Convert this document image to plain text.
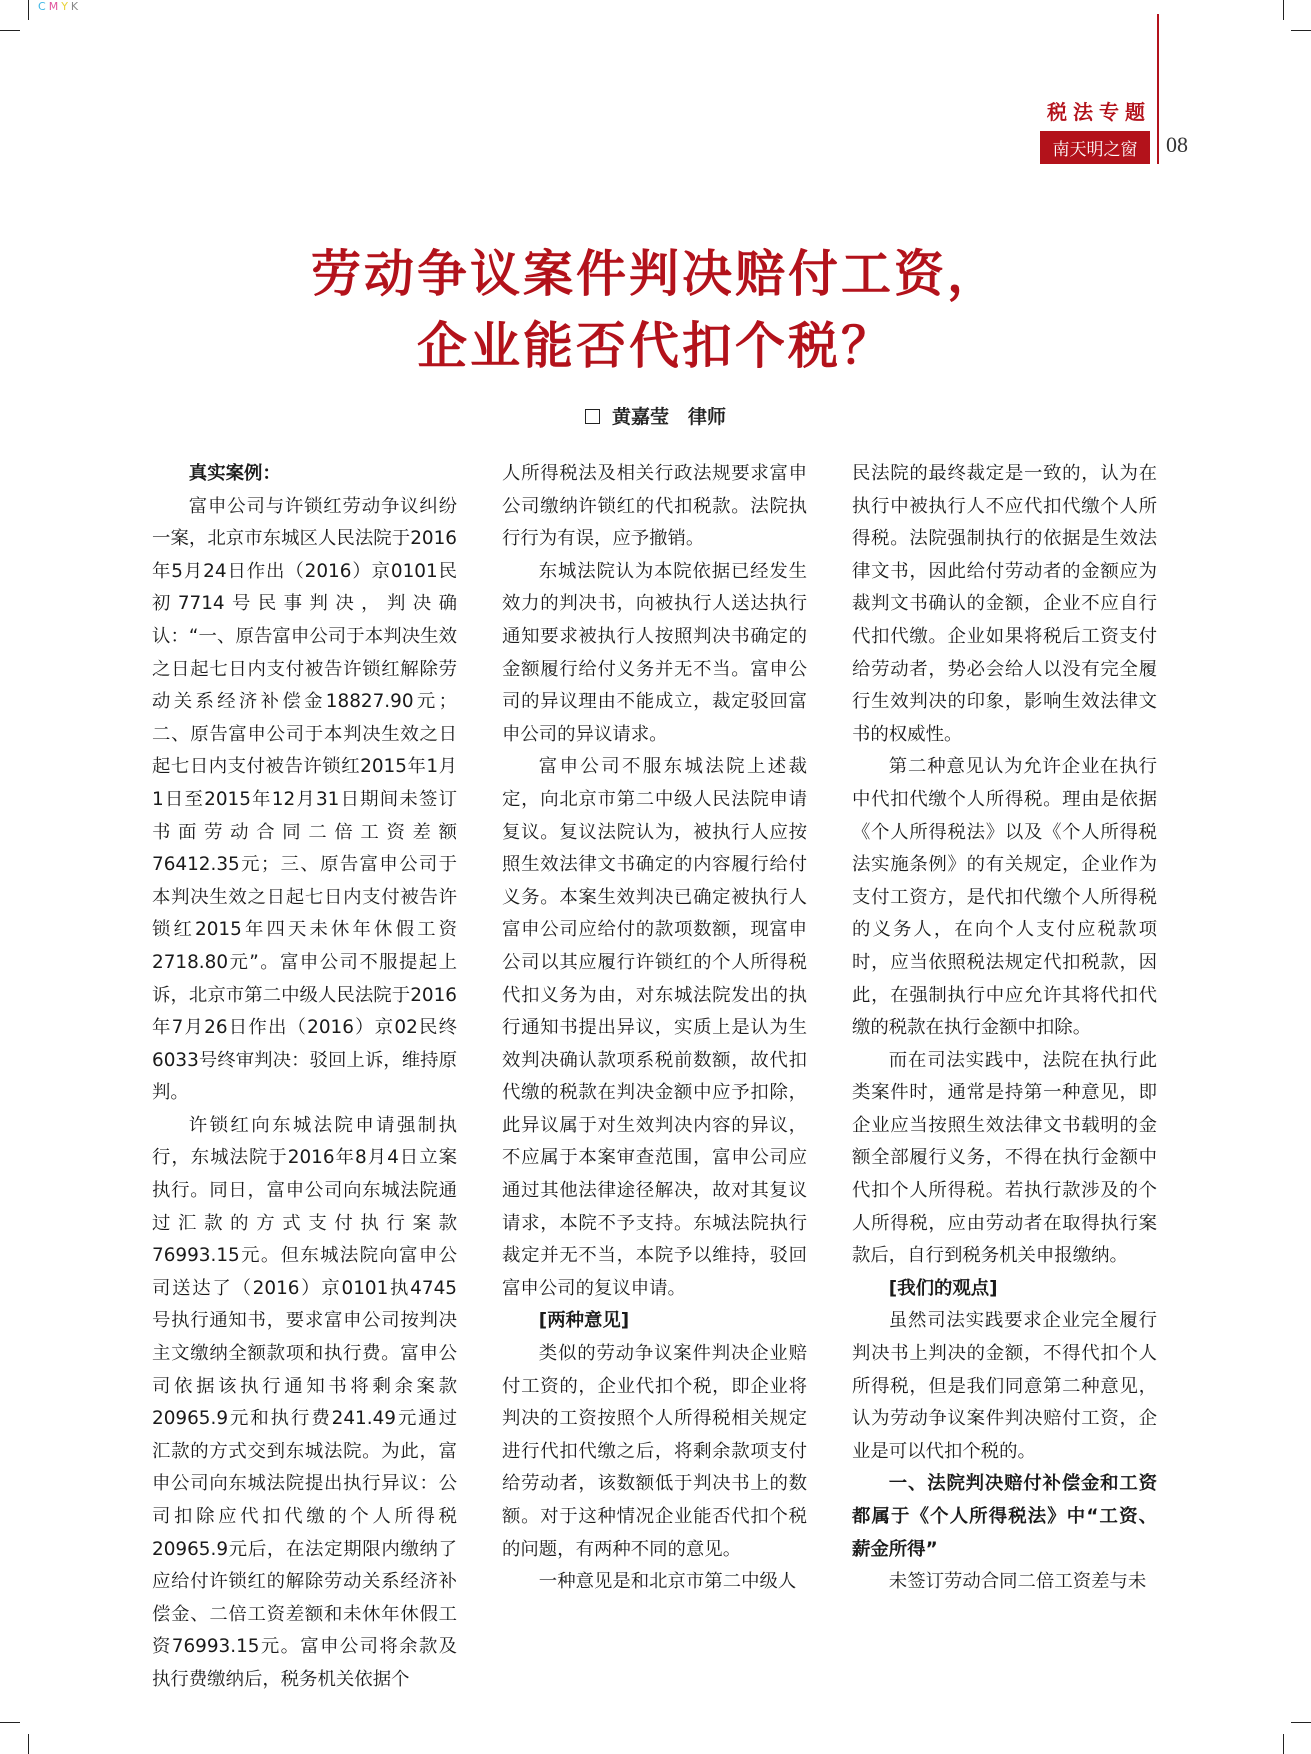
CMYK
税法专题
南天明之窗	08
劳动争议案件判决赔付工资，
企业能否代扣个税？
黄嘉莹　律师

真实案例：

富申公司与许锁红劳动争议纠纷一案，北京市东城区人民法院于2016年5月24日作出（2016）京0101民初7714号民事判决，判决确认：“一、原告富申公司于本判决生效之日起七日内支付被告许锁红解除劳动关系经济补偿金18827.90元；二、原告富申公司于本判决生效之日起七日内支付被告许锁红2015年1月1日至2015年12月31日期间未签订书面劳动合同二倍工资差额76412.35元；三、原告富申公司于本判决生效之日起七日内支付被告许锁红2015年四天未休年休假工资2718.80元”。富申公司不服提起上诉，北京市第二中级人民法院于2016年7月26日作出（2016）京02民终6033号终审判决：驳回上诉，维持原判。

许锁红向东城法院申请强制执行，东城法院于2016年8月4日立案执行。同日，富申公司向东城法院通过汇款的方式支付执行案款76993.15元。但东城法院向富申公司送达了（2016）京0101执4745号执行通知书，要求富申公司按判决主文缴纳全额款项和执行费。富申公司依据该执行通知书将剩余案款20965.9元和执行费241.49元通过汇款的方式交到东城法院。为此，富申公司向东城法院提出执行异议：公司扣除应代扣代缴的个人所得税20965.9元后，在法定期限内缴纳了应给付许锁红的解除劳动关系经济补偿金、二倍工资差额和未休年休假工资76993.15元。富申公司将余款及执行费缴纳后，税务机关依据个

人所得税法及相关行政法规要求富申公司缴纳许锁红的代扣税款。法院执行行为有误，应予撤销。

东城法院认为本院依据已经发生效力的判决书，向被执行人送达执行通知要求被执行人按照判决书确定的金额履行给付义务并无不当。富申公司的异议理由不能成立，裁定驳回富申公司的异议请求。

富申公司不服东城法院上述裁定，向北京市第二中级人民法院申请复议。复议法院认为，被执行人应按照生效法律文书确定的内容履行给付义务。本案生效判决已确定被执行人富申公司应给付的款项数额，现富申公司以其应履行许锁红的个人所得税代扣义务为由，对东城法院发出的执行通知书提出异议，实质上是认为生效判决确认款项系税前数额，故代扣代缴的税款在判决金额中应予扣除，此异议属于对生效判决内容的异议，不应属于本案审查范围，富申公司应通过其他法律途径解决，故对其复议请求，本院不予支持。东城法院执行裁定并无不当，本院予以维持，驳回富申公司的复议申请。

[两种意见]

类似的劳动争议案件判决企业赔付工资的，企业代扣个税，即企业将判决的工资按照个人所得税相关规定进行代扣代缴之后，将剩余款项支付给劳动者，该数额低于判决书上的数额。对于这种情况企业能否代扣个税的问题，有两种不同的意见。

一种意见是和北京市第二中级人

民法院的最终裁定是一致的，认为在执行中被执行人不应代扣代缴个人所得税。法院强制执行的依据是生效法律文书，因此给付劳动者的金额应为裁判文书确认的金额，企业不应自行代扣代缴。企业如果将税后工资支付给劳动者，势必会给人以没有完全履行生效判决的印象，影响生效法律文书的权威性。

第二种意见认为允许企业在执行中代扣代缴个人所得税。理由是依据《个人所得税法》以及《个人所得税法实施条例》的有关规定，企业作为支付工资方，是代扣代缴个人所得税的义务人，在向个人支付应税款项时，应当依照税法规定代扣税款，因此，在强制执行中应允许其将代扣代缴的税款在执行金额中扣除。

而在司法实践中，法院在执行此类案件时，通常是持第一种意见，即企业应当按照生效法律文书载明的金额全部履行义务，不得在执行金额中代扣个人所得税。若执行款涉及的个人所得税，应由劳动者在取得执行案款后，自行到税务机关申报缴纳。

[我们的观点]

虽然司法实践要求企业完全履行判决书上判决的金额，不得代扣个人所得税，但是我们同意第二种意见，认为劳动争议案件判决赔付工资，企业是可以代扣个税的。

一、法院判决赔付补偿金和工资都属于《个人所得税法》中“工资、薪金所得”

未签订劳动合同二倍工资差与未
